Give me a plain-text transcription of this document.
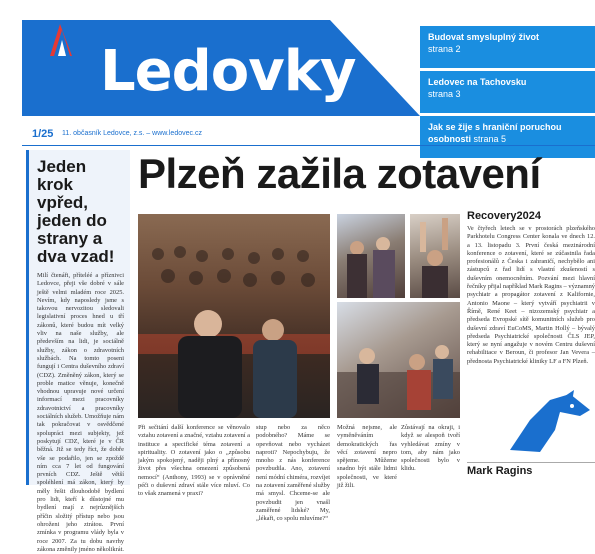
Ledovky
Budovat smysluplný život
strana 2
Ledovec na Tachovsku
strana 3
Jak se žije s hraniční poruchou osobnosti strana 5
1/25 11. občasník Ledovce, z.s. – www.ledovec.cz
Jeden krok vpřed, jeden do strany a dva vzad!

Milí čtenáři, příteléé a příznivci Ledovce, přeji vše dobré v sále ještě velmi mladém roce 2025. Nevím, kdy naposledy jsme s takovou nervozitou sledovali legislativní proces hned u tří zákonů, které budou mít velký vliv na naše služby, ale především na lidi, je sociálně služby, zákon o zdravotních službách. Na tomto poseni fungují i Centra duševního zdraví (CDZ). Změněný zákon, který se proble matice věnuje, konečně vhodnou upravuje nové určení informací mezi pracovníky zdravotnictví a pracovníky sociálních služeb. Umožňuje nám tak pokračovat v osvědčené spolupráci mezi subjekty, jež poskytují CDZ, které je v ČR běžná. Již se tedy říct, že dobře vše se podařilo, jen se zpoždě ním cca 7 let od fungování prvních CDZ. Ještě větší spoléhlení má zákon, který by měly řešit dlouhodobě bydlení pro lidi, kteří k důstojné mu bydlení mají z nejrůznějších příčin složitý přístup nebo jsou ohroženi jeho ztrátou. První zmínka v programu vlády byla v roce 2007. Za tu dobu navrhy zákona změnily jméno několikrát.

Plzeň zažila zotavení
Při sečitání další konference se věnovalo vztahu zotavení a značné, vztahu zotavení a instituce a specifické téma zotavení a spirituality. O zotavení jako o „způsobu jakým spokojený, naději plný a přínosný život přes všechna omezení způsobená nemocí“ (Anthony, 1993) se v oprávněné péči o duševní zdraví stále více mluví. Co to však znamená v praxi?
stup nebo za něco podobného? Máme se opevňovat nebo vycházet naproti? Nepochybuju, že mnoho z nás konference povzbudila. Ano, zotavení není módní chiméra, rozvíjet na zotavení zaměřené služby má smysl. Chceme-se ale povzbudit jen vnašl zaměřené lidské? My, „lékaři, co spolu mluvíme?“
Možná nejsme, ale vyměněváním demokratických řas věcí zotavení nepro spějeme. Můžeme snadno být stále lidmi společnosti, ve které již žili.
Zůstávají na okraji, i když se alespoň tvoří vyhledávat zmíny v tom, aby nám jako společnosti bylo v klidu.
Recovery2024

Ve čtyřech letech se v prostorách plzeňského Parkhotelu Congress Center konala ve dnech 12. a 13. listopadu 3. První česká mezinárodní konference o zotavení, které se zúčastnila řada profesionálů z Česka i zahraničí, nechybělo ani zástupců z řad lidí s vlastní zkušeností s duševním onemocněním. Pozvání mezi hlavní řečníky přijal například Mark Ragins – významný psychiatr a propagátor zotavení z Kalifornie, Antonio Maone – který vytváří psychiatrii v Římě, René Keet – nizozemský psychiatr a předseda Evropské sítě komunitních služeb pro duševní zdraví EuCoMS, Martin Hollý – bývalý předseda Psychiatrické společnosti ČLS JEP, který se nyní angažuje v novém Centru duševní rehabilitace v Beroun, či profesor Jan Vevera – přednosta Psychiatrické kliniky LF a FN Plzeň.

Mark Ragins
